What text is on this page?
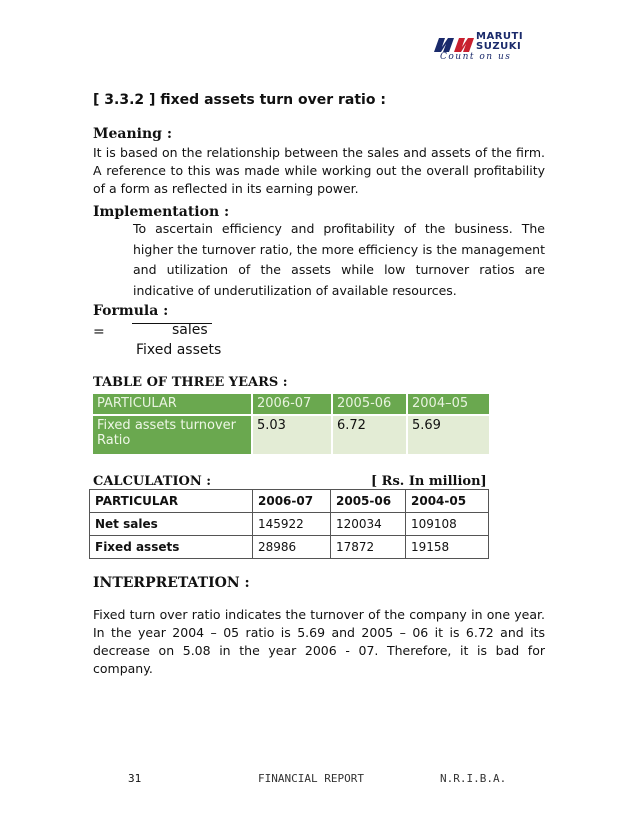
MARUTI
SUZUKI
Count on us
[ 3.3.2 ] fixed assets turn over ratio :
Meaning :
It is based on the relationship between the sales and assets of the firm. A reference to this was made while working out the overall profitability of a form as reflected in its earning power.
Implementation :
To ascertain efficiency and profitability of the business. The higher the turnover ratio, the more efficiency is the management and utilization of the assets while low turnover ratios are indicative of underutilization of available resources.
Formula :
=	sales
Fixed assets
TABLE OF THREE YEARS :
PARTICULAR	2006-07	2005-06	2004–05
Fixed assets turnover Ratio	5.03	6.72	5.69
CALCULATION :	[ Rs. In million]
PARTICULAR	2006-07	2005-06	2004-05
Net sales	145922	120034	109108
Fixed assets	28986	17872	19158
INTERPRETATION :
Fixed turn over ratio indicates the turnover of the company in one year. In the year 2004 – 05 ratio is 5.69 and 2005 – 06 it is 6.72 and its decrease on 5.08 in the year 2006 - 07. Therefore, it is bad for company.
31	FINANCIAL REPORT	N.R.I.B.A.
